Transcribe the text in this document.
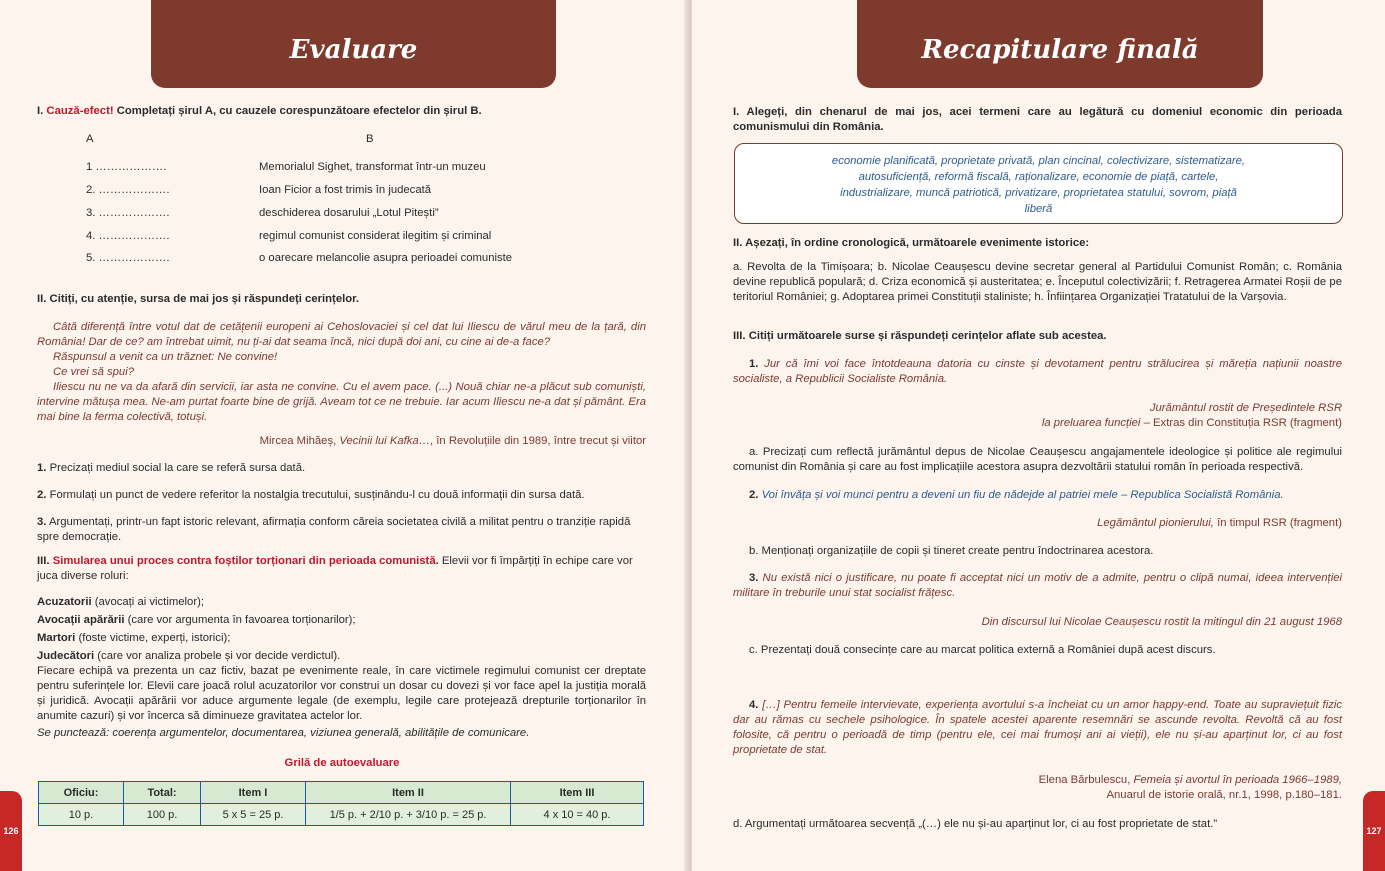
Evaluare
I. Cauză-efect! Completați șirul A, cu cauzele corespunzătoare efectelor din șirul B.
A	B
1 ……………….	Memorialul Sighet, transformat într-un muzeu
2. ……………….	Ioan Ficior a fost trimis în judecată
3. ……………….	deschiderea dosarului „Lotul Pitești”
4. ……………….	regimul comunist considerat ilegitim și criminal
5. ……………….	o oarecare melancolie asupra perioadei comuniste
II. Citiți, cu atenție, sursa de mai jos și răspundeți cerințelor.

Câtă diferență între votul dat de cetățenii europeni ai Cehoslovaciei și cel dat lui Iliescu de vărul meu de la țară, din România! Dar de ce? am întrebat uimit, nu ți-ai dat seama încă, nici după doi ani, cu cine ai de-a face?

Răspunsul a venit ca un trăznet: Ne convine!

Ce vrei să spui?

Iliescu nu ne va da afară din servicii, iar asta ne convine. Cu el avem pace. (...) Nouă chiar ne-a plăcut sub comuniști, intervine mătușa mea. Ne-am purtat foarte bine de grijă. Aveam tot ce ne trebuie. Iar acum Iliescu ne-a dat și pământ. Era mai bine la ferma colectivă, totuși.

Mircea Mihăeș, Vecinii lui Kafka…, în Revoluțiile din 1989, între trecut și viitor
1. Precizați mediul social la care se referă sursa dată.
2. Formulați un punct de vedere referitor la nostalgia trecutului, susținându-l cu două informații din sursa dată.
3. Argumentați, printr-un fapt istoric relevant, afirmația conform căreia societatea civilă a militat pentru o tranziție rapidă spre democrație.
III. Simularea unui proces contra foștilor torționari din perioada comunistă. Elevii vor fi împărțiți în echipe care vor juca diverse roluri:

Acuzatorii (avocați ai victimelor);

Avocații apărării (care vor argumenta în favoarea torționarilor);

Martori (foste victime, experți, istorici);

Judecători (care vor analiza probele și vor decide verdictul).

Fiecare echipă va prezenta un caz fictiv, bazat pe evenimente reale, în care victimele regimului comunist cer dreptate pentru suferințele lor. Elevii care joacă rolul acuzatorilor vor construi un dosar cu dovezi și vor face apel la justiția morală și juridică. Avocații apărării vor aduce argumente legale (de exemplu, legile care protejează drepturile torționarilor în anumite cazuri) și vor încerca să diminueze gravitatea actelor lor.
Se punctează: coerența argumentelor, documentarea, viziunea generală, abilitățile de comunicare.
Grilă de autoevaluare
Oficiu:	Total:	Item I	Item II	Item III
10 p.	100 p.	5 x 5 = 25 p.	1/5 p. + 2/10 p. + 3/10 p. = 25 p.	4 x 10 = 40 p.
126
Recapitulare finală
127
I. Alegeți, din chenarul de mai jos, acei termeni care au legătură cu domeniul economic din perioada comunismului din România.
economie planificată, proprietate privată, plan cincinal, colectivizare, sistematizare, autosuficiență, reformă fiscală, raționalizare, economie de piață, cartele, industrializare, muncă patriotică, privatizare, proprietatea statului, sovrom, piață liberă
II. Așezați, în ordine cronologică, următoarele evenimente istorice:
a. Revolta de la Timișoara; b. Nicolae Ceaușescu devine secretar general al Partidului Comunist Român; c. România devine republică populară; d. Criza economică și austeritatea; e. Începutul colectivizării; f. Retragerea Armatei Roșii de pe teritoriul României; g. Adoptarea primei Constituții staliniste; h. Înființarea Organizației Tratatului de la Varșovia.
III. Citiți următoarele surse și răspundeți cerințelor aflate sub acestea.

1. Jur că îmi voi face întotdeauna datoria cu cinste și devotament pentru strălucirea și măreția națiunii noastre socialiste, a Republicii Socialiste România.

Jurământul rostit de Președintele RSR

la preluarea funcției – Extras din Constituția RSR (fragment)

a. Precizați cum reflectă jurământul depus de Nicolae Ceaușescu angajamentele ideologice și politice ale regimului comunist din România și care au fost implicațiile acestora asupra dezvoltării statului român în perioada respectivă.

2. Voi învăța și voi munci pentru a deveni un fiu de nădejde al patriei mele – Republica Socialistă România.

Legământul pionierului, în timpul RSR (fragment)
b. Menționați organizațiile de copii și tineret create pentru îndoctrinarea acestora.

3. Nu există nici o justificare, nu poate fi acceptat nici un motiv de a admite, pentru o clipă numai, ideea intervenției militare în treburile unui stat socialist frățesc.

Din discursul lui Nicolae Ceaușescu rostit la mitingul din 21 august 1968
c. Prezentați două consecințe care au marcat politica externă a României după acest discurs.

4. […] Pentru femeile intervievate, experiența avortului s-a încheiat cu un amor happy-end. Toate au supraviețuit fizic dar au rămas cu sechele psihologice. În spatele acestei aparente resemnări se ascunde revolta. Revoltă că au fost folosite, că pentru o perioadă de timp (pentru ele, cei mai frumoși ani ai vieții), ele nu și-au aparținut lor, ci au fost proprietate de stat.

Elena Bărbulescu, Femeia și avortul în perioada 1966–1989,

Anuarul de istorie orală, nr.1, 1998, p.180–181.

d. Argumentați următoarea secvență „(…) ele nu și-au aparținut lor, ci au fost proprietate de stat.”
